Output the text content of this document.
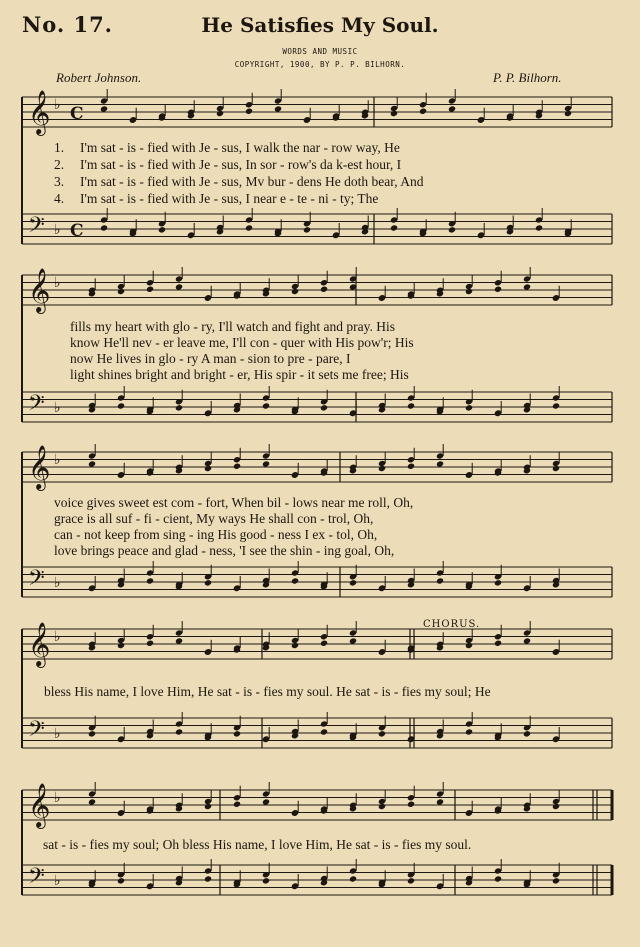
No. 17.	He Satisfies My Soul.
WORDS AND MUSIC
COPYRIGHT, 1900, BY P. P. BILHORN.
Robert Johnson.	P. P. Bilhorn.
𝄞 ♭ C
𝄢 ♭ C
𝄞 ♭
𝄢 ♭
𝄞 ♭
𝄢 ♭
𝄞 ♭
𝄢 ♭
𝄞 ♭
𝄢 ♭

1.

2.

3.

4.

I'm sat - is - fied with Je - sus, I walk the nar - row way, He

I'm sat - is - fied with Je - sus, In sor - row's da k-est hour, I

I'm sat - is - fied with Je - sus, Mv bur - dens He doth bear, And

I'm sat - is - fied with Je - sus, I near e - te - ni - ty; The

fills my heart with glo - ry, I'll watch and fight and pray. His

know He'll nev - er leave me, I'll con - quer with His pow'r; His

now He lives in glo - ry A man - sion to pre - pare, I

light shines bright and bright - er, His spir - it sets me free; His

voice gives sweet est com - fort, When bil - lows near me roll, Oh,

grace is all suf - fi - cient, My ways He shall con - trol, Oh,

can - not keep from sing - ing His good - ness I ex - tol, Oh,

love brings peace and glad - ness, 'I see the shin - ing goal, Oh,

CHORUS.

bless His name, I love Him, He sat - is - fies my soul. He sat - is - fies my soul; He

sat - is - fies my soul; Oh bless His name, I love Him, He sat - is - fies my soul.
